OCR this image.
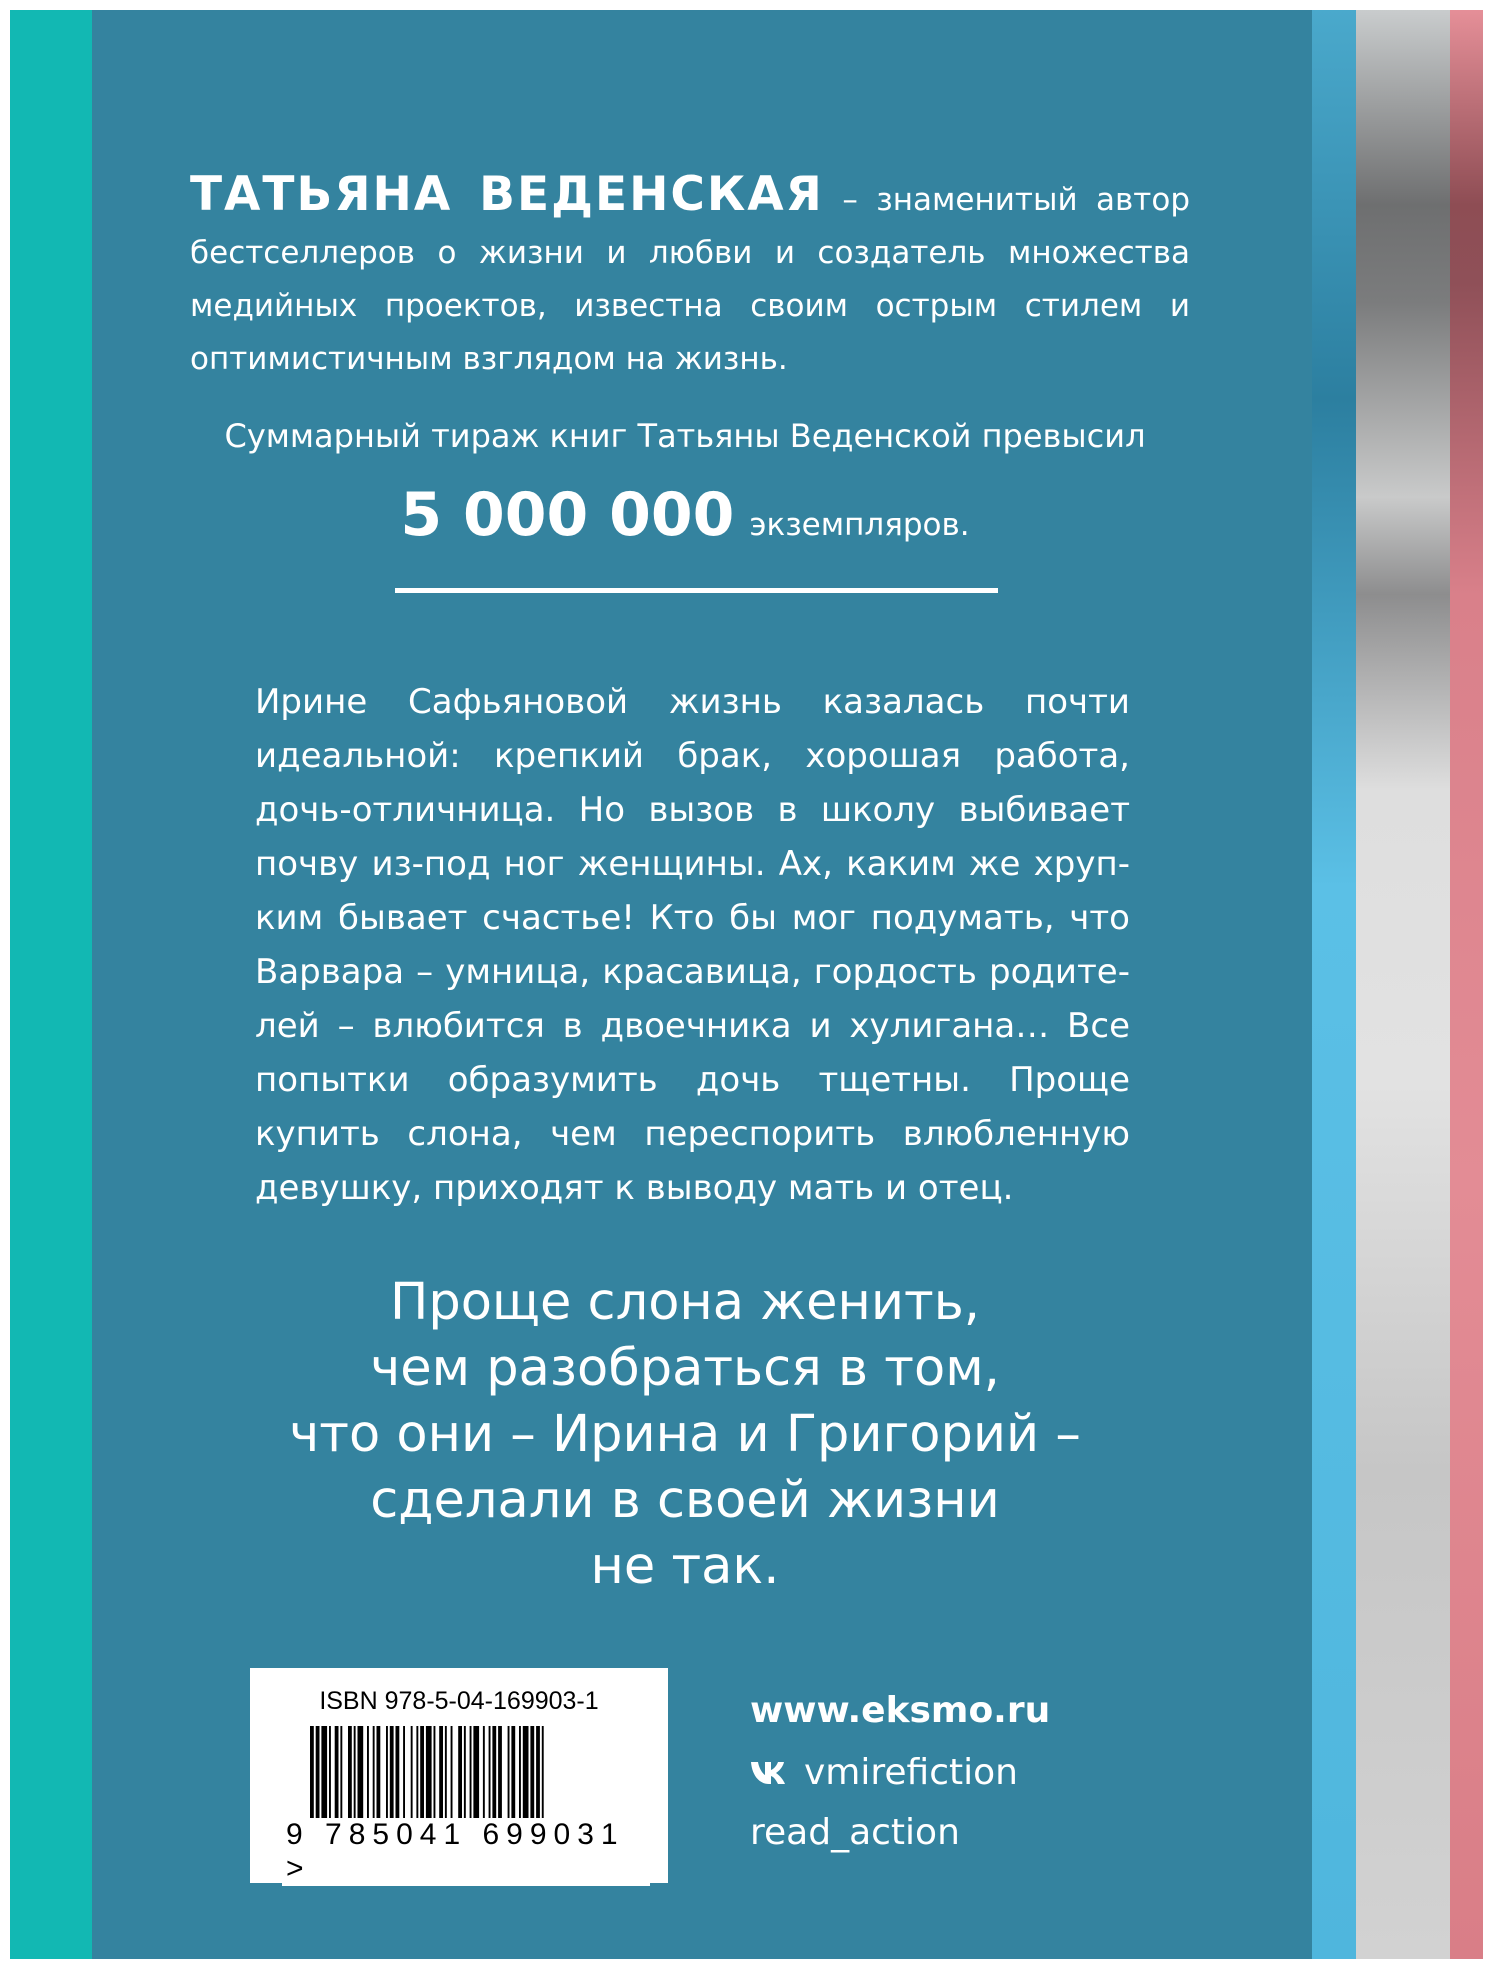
ТАТЬЯНА ВЕДЕНСКАЯ – знаменитый автор бестселлеров о жизни и любви и создатель множества медийных проектов, известна своим острым стилем и оптимистичным взглядом на жизнь.
Суммарный тираж книг Татьяны Веденской превысил
5 000 000 экземпляров.
Ирине Сафьяновой жизнь казалась почти
идеальной: крепкий брак, хорошая работа,
дочь-отличница. Но вызов в школу выбивает
почву из-под ног женщины. Ах, каким же хруп-
ким бывает счастье! Кто бы мог подумать, что
Варвара – умница, красавица, гордость родите-
лей – влюбится в двоечника и хулигана… Все
попытки образумить дочь тщетны. Проще
купить слона, чем переспорить влюбленную
девушку, приходят к выводу мать и отец.
Проще слона женить,
чем разобраться в том,
что они – Ирина и Григорий –
сделали в своей жизни
не так.
ISBN 978-5-04-169903-1
9 785041 699031 >
www.eksmo.ru
vmirefiction
read_action
